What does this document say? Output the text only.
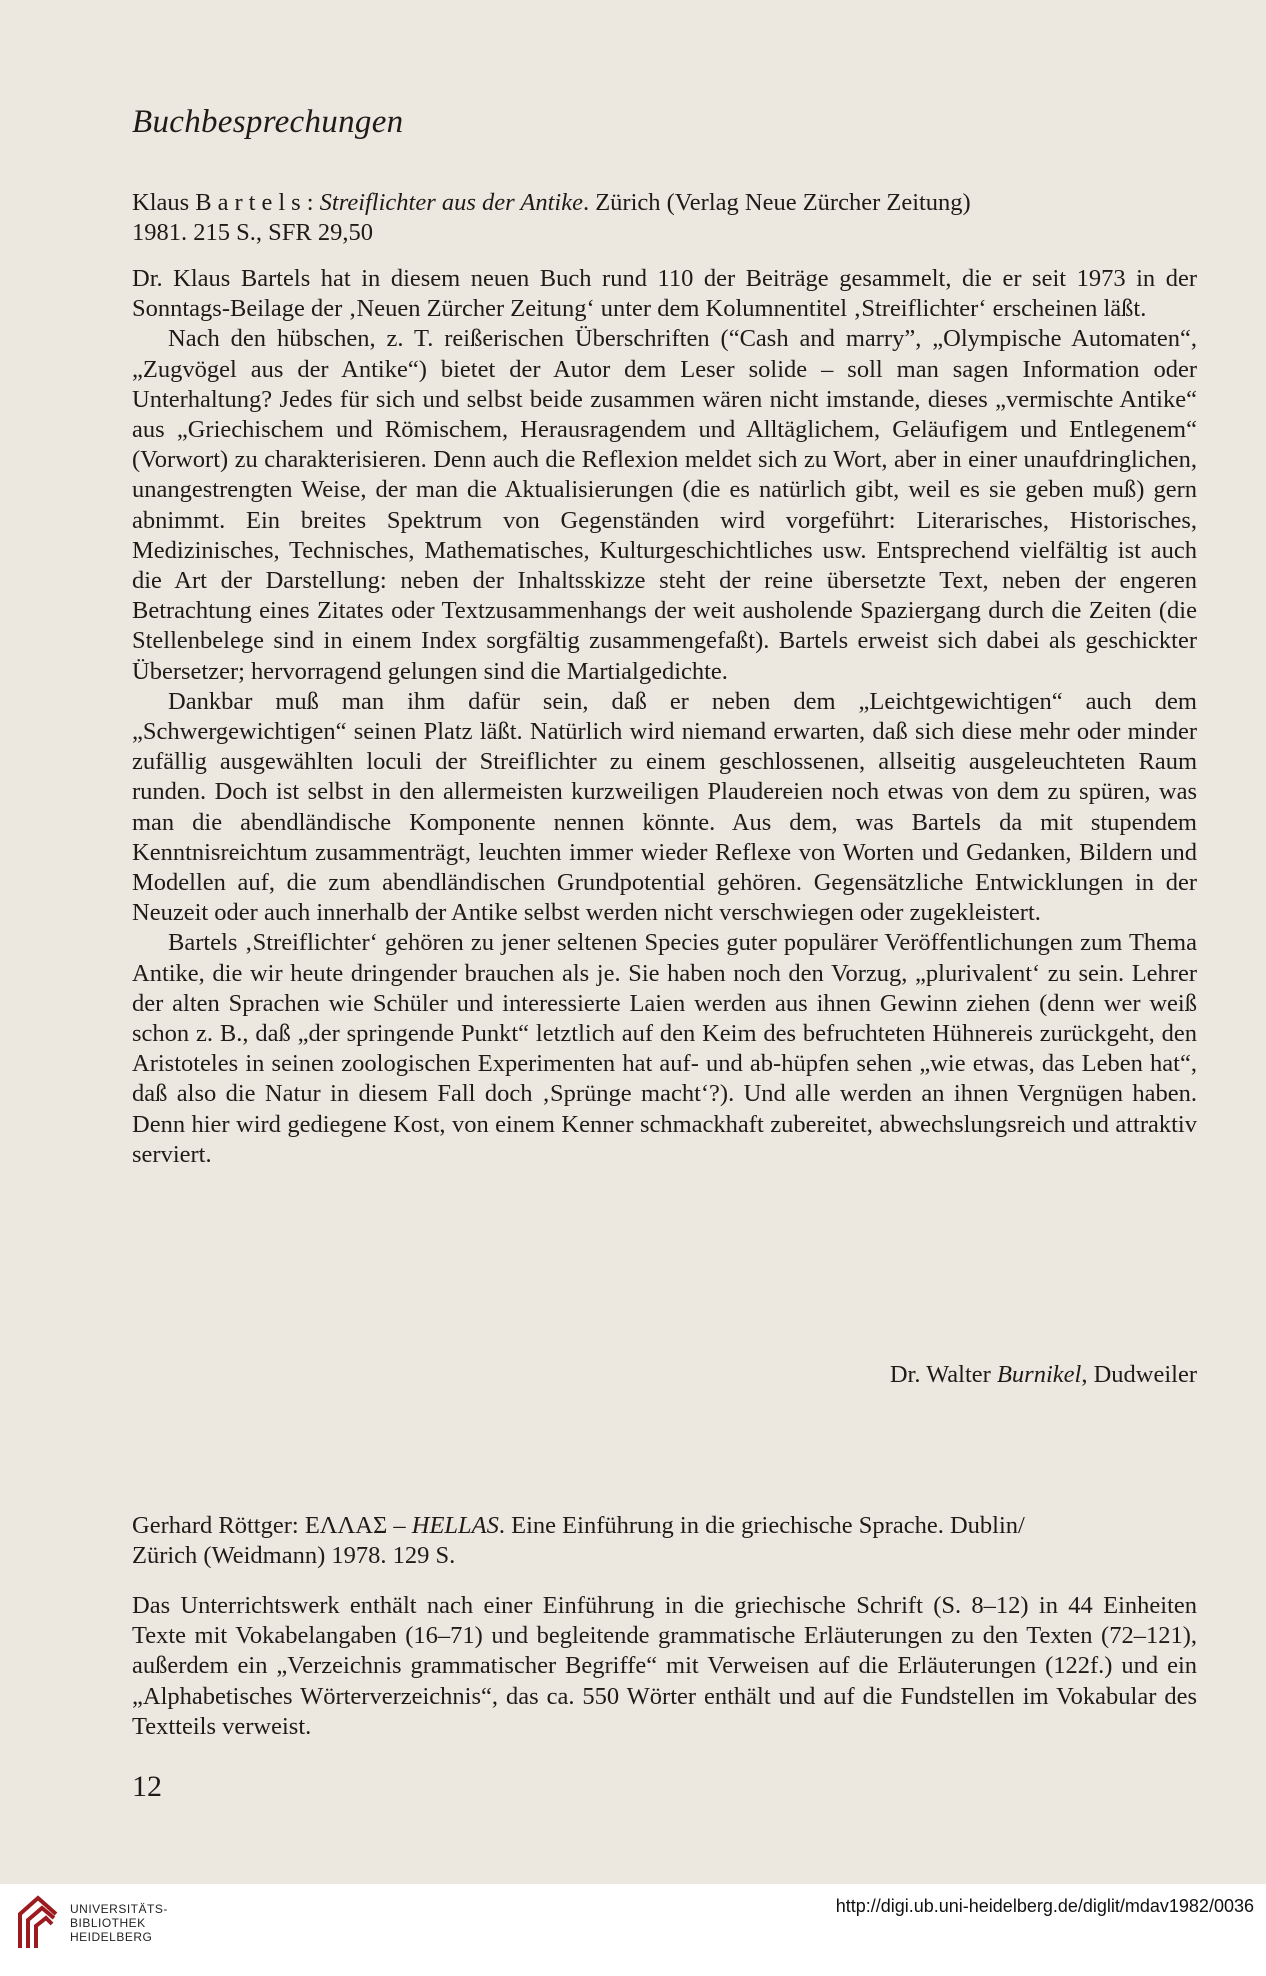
Buchbesprechungen
Klaus Bartels: Streiflichter aus der Antike. Zürich (Verlag Neue Zürcher Zeitung)
1981. 215 S., SFR 29,50

Dr. Klaus Bartels hat in diesem neuen Buch rund 110 der Beiträge gesammelt, die er seit 1973 in der Sonntags-Beilage der ‚Neuen Zürcher Zeitung‘ unter dem Kolumnentitel ‚Streiflichter‘ erscheinen läßt.

Nach den hübschen, z. T. reißerischen Überschriften (“Cash and marry”, „Olympische Automaten“, „Zugvögel aus der Antike“) bietet der Autor dem Leser solide – soll man sagen Information oder Unterhaltung? Jedes für sich und selbst beide zusammen wären nicht imstande, dieses „vermischte Antike“ aus „Griechischem und Römischem, Herausragendem und Alltäglichem, Geläufigem und Entlegenem“ (Vorwort) zu charakterisieren. Denn auch die Reflexion meldet sich zu Wort, aber in einer unaufdringlichen, unangestrengten Weise, der man die Aktualisierungen (die es natürlich gibt, weil es sie geben muß) gern abnimmt. Ein breites Spektrum von Gegenständen wird vorgeführt: Literarisches, Historisches, Medizinisches, Technisches, Mathematisches, Kulturgeschichtliches usw. Entsprechend vielfältig ist auch die Art der Darstellung: neben der Inhaltsskizze steht der reine übersetzte Text, neben der engeren Betrachtung eines Zitates oder Textzusammenhangs der weit ausholende Spaziergang durch die Zeiten (die Stellenbelege sind in einem Index sorgfältig zusammengefaßt). Bartels erweist sich dabei als geschickter Übersetzer; hervorragend gelungen sind die Martialgedichte.

Dankbar muß man ihm dafür sein, daß er neben dem „Leichtgewichtigen“ auch dem „Schwergewichtigen“ seinen Platz läßt. Natürlich wird niemand erwarten, daß sich diese mehr oder minder zufällig ausgewählten loculi der Streiflichter zu einem geschlossenen, allseitig ausgeleuchteten Raum runden. Doch ist selbst in den allermeisten kurzweiligen Plaudereien noch etwas von dem zu spüren, was man die abendländische Komponente nennen könnte. Aus dem, was Bartels da mit stupendem Kenntnisreichtum zusammenträgt, leuchten immer wieder Reflexe von Worten und Gedanken, Bildern und Modellen auf, die zum abendländischen Grundpotential gehören. Gegensätzliche Entwicklungen in der Neuzeit oder auch innerhalb der Antike selbst werden nicht verschwiegen oder zugekleistert.

Bartels ‚Streiflichter‘ gehören zu jener seltenen Species guter populärer Veröffentlichungen zum Thema Antike, die wir heute dringender brauchen als je. Sie haben noch den Vorzug, „plurivalent‘ zu sein. Lehrer der alten Sprachen wie Schüler und interessierte Laien werden aus ihnen Gewinn ziehen (denn wer weiß schon z. B., daß „der springende Punkt“ letztlich auf den Keim des befruchteten Hühnereis zurückgeht, den Aristoteles in seinen zoologischen Experimenten hat auf- und ab-hüpfen sehen „wie etwas, das Leben hat“, daß also die Natur in diesem Fall doch ‚Sprünge macht‘?). Und alle werden an ihnen Vergnügen haben. Denn hier wird gediegene Kost, von einem Kenner schmackhaft zubereitet, abwechslungsreich und attraktiv serviert.

Dr. Walter Burnikel, Dudweiler
Gerhard Röttger: ΕΛΛΑΣ – HELLAS. Eine Einführung in die griechische Sprache. Dublin/
Zürich (Weidmann) 1978. 129 S.

Das Unterrichtswerk enthält nach einer Einführung in die griechische Schrift (S. 8–12) in 44 Einheiten Texte mit Vokabelangaben (16–71) und begleitende grammatische Erläuterungen zu den Texten (72–121), außerdem ein „Verzeichnis grammatischer Begriffe“ mit Verweisen auf die Erläuterungen (122f.) und ein „Alphabetisches Wörterverzeichnis“, das ca. 550 Wörter enthält und auf die Fundstellen im Vokabular des Textteils verweist.

12
UNIVERSITÄTS-
BIBLIOTHEK
HEIDELBERG
http://digi.ub.uni-heidelberg.de/diglit/mdav1982/0036
